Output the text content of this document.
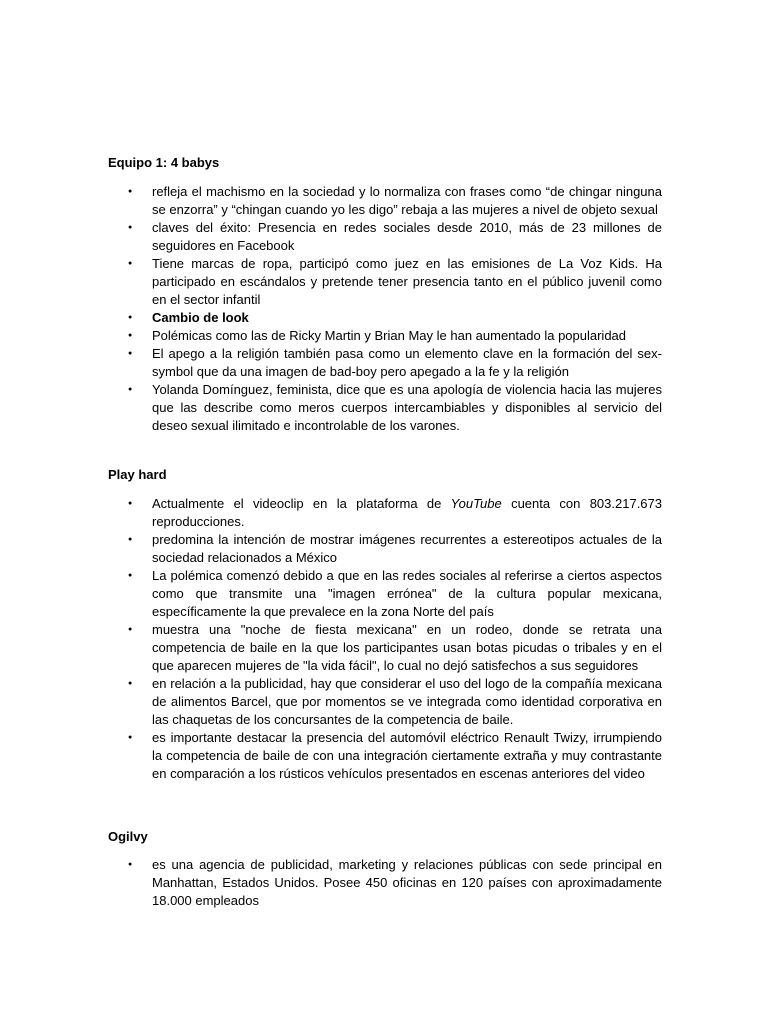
Equipo 1: 4 babys
● refleja el machismo en la sociedad y lo normaliza con frases como “de chingar ninguna se enzorra” y “chingan cuando yo les digo” rebaja a las mujeres a nivel de objeto sexual
● claves del éxito: Presencia en redes sociales desde 2010, más de 23 millones de seguidores en Facebook
● Tiene marcas de ropa, participó como juez en las emisiones de La Voz Kids. Ha participado en escándalos y pretende tener presencia tanto en el público juvenil como en el sector infantil
● Cambio de look
● Polémicas como las de Ricky Martin y Brian May le han aumentado la popularidad
● El apego a la religión también pasa como un elemento clave en la formación del sex-symbol que da una imagen de bad-boy pero apegado a la fe y la religión
● Yolanda Domínguez, feminista, dice que es una apología de violencia hacia las mujeres que las describe como meros cuerpos intercambiables y disponibles al servicio del deseo sexual ilimitado e incontrolable de los varones.
Play hard
● Actualmente el videoclip en la plataforma de YouTube cuenta con 803.217.673 reproducciones.
● predomina la intención de mostrar imágenes recurrentes a estereotipos actuales de la sociedad relacionados a México
● La polémica comenzó debido a que en las redes sociales al referirse a ciertos aspectos como que transmite una "imagen errónea" de la cultura popular mexicana, específicamente la que prevalece en la zona Norte del país
● muestra una "noche de fiesta mexicana" en un rodeo, donde se retrata una competencia de baile en la que los participantes usan botas picudas o tribales y en el que aparecen mujeres de "la vida fácil", lo cual no dejó satisfechos a sus seguidores
● en relación a la publicidad, hay que considerar el uso del logo de la compañía mexicana de alimentos Barcel, que por momentos se ve integrada como identidad corporativa en las chaquetas de los concursantes de la competencia de baile.
● es importante destacar la presencia del automóvil eléctrico Renault Twizy, irrumpiendo la competencia de baile de con una integración ciertamente extraña y muy contrastante en comparación a los rústicos vehículos presentados en escenas anteriores del video
Ogilvy
● es una agencia de publicidad, marketing y relaciones públicas con sede principal en Manhattan, Estados Unidos. Posee 450 oficinas en 120 países con aproximadamente 18.000 empleados
